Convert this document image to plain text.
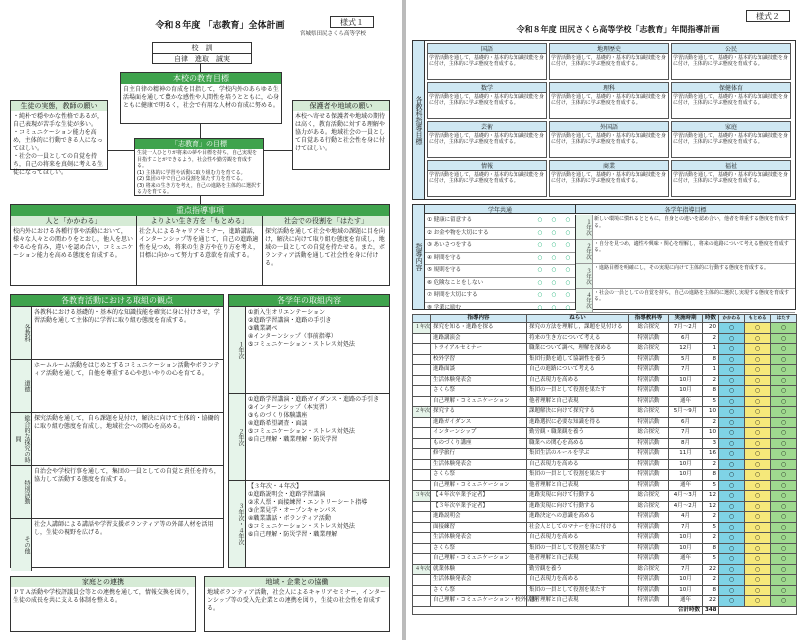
令和８年度 「志教育」全体計画	様式１
宮城県田尻さくら高等学校
校　訓
自律　進取　誠実
本校の教育目標
自主自律の精神の育成を目指して，学校内外のあらゆる生活場面を通して豊かな感性や人間性を培うとともに，心身ともに健康で明るく，社会で有用な人材の育成に努める。
生徒の実態，教師の願い
・純朴で穏やかな性格であるが，自己表現が苦手な生徒が多い。
・コミュニケーション能力を高め，主体的に行動できる人になってほしい。
・社会の一員としての自覚を持ち，自己の将来を真剣に考える生徒になってほしい。
保護者や地域の願い
本校へ寄せる保護者や地域の期待は高く，教育活動に対する理解や協力がある。地域社会の一員として自覚ある行動と社会性を身に付けてほしい。
「志教育」の目標
生徒一人ひとりが将来の夢や目標を持ち，自己実現を目指すことができるよう，社会性や勤労観を育成する。
(1) 主体的に学習や活動に取り組む力を育てる。
(2) 集団の中で自己の役割を果たす力を育てる。
(3) 将来の生き方を考え，自己の進路を主体的に選択する力を育てる。
重点指導事項
人と「かかわる」
校内外における各種行事や活動において，様々な人々との関わりをとおし，他人を思いやる心を育み，違いを認め合い，コミュニケーション能力を高める態度を育成する。
よりよい生き方を「もとめる」
社会人によるキャリアセミナー，進路講話，インターンシップ等を通じて，自己の進路適性を見つめ，将来の生き方や在り方を考え，目標に向かって努力する意欲を育成する。
社会での役割を「はたす」
探究活動を通して社会や地域の課題に目を向け，解決に向けて取り組む態度を育成し，地域の一員としての自覚を持たせる。また，ボランティア活動を通して社会性を身に付ける。
各教育活動における取組の観点
各教科
各教科における基礎的・基本的な知識技能を確実に身に付けさせ，学習活動を通して主体的に学習に取り組む態度を育成する。
道徳
ホームルーム活動をはじめとするコミュニケーション活動やボランティア活動を通して，自他を尊重する心や思いやりの心を育てる。
総合的な探究の時間
探究活動を通して，自ら課題を見付け，解決に向けて主体的・協働的に取り組む態度を育成し，地域社会への関心を高める。
特別活動
自治会や学校行事を通して，集団の一員としての自覚と責任を持ち，協力して活動する態度を育成する。
その他
社会人講師による講話や学習支援ボランティア等の外部人材を活用し，生徒の視野を広げる。
各学年の取組内容
１年次
①新入生オリエンテーション
②進路学習講演・進路の手引き
③職業調べ
④インターンシップ（事前指導）
⑤コミュニケーション・ストレス対処法
２年次
①進路学習講演・進路ガイダンス・進路の手引き
②インターンシップ（本実習）
③ものづくり体験講座
④進路希望調査・面談
⑤コミュニケーション・ストレス対処法
⑥自己理解・職業理解・防災学習
３年次・４年次
【３年次・４年次】
①進路説明会・進路学習講演
②求人票・面接練習・エントリーシート指導
③企業見学・オープンキャンパス
④職業講話・ボランティア活動
⑤コミュニケーション・ストレス対処法
⑥自己理解・防災学習・職業理解
家庭との連携
ＰＴＡ活動や学校評議員会等との連携を通して，情報交換を図り，生徒の成長を共に支える体制を整える。
地域・企業との協働
地域ボランティア活動，社会人によるキャリアセミナー，インターンシップ等の受入先企業との連携を図り，生徒の社会性を育成する。
様式２
令和８年度 田尻さくら高等学校「志教育」年間指導計画
各教科指導目標
国語
学習活動を通して，基礎的・基本的な知識技能を身に付け，主体的に学ぶ態度を育成する。
地理歴史
学習活動を通して，基礎的・基本的な知識技能を身に付け，主体的に学ぶ態度を育成する。
公民
学習活動を通して，基礎的・基本的な知識技能を身に付け，主体的に学ぶ態度を育成する。
数学
学習活動を通して，基礎的・基本的な知識技能を身に付け，主体的に学ぶ態度を育成する。
理科
学習活動を通して，基礎的・基本的な知識技能を身に付け，主体的に学ぶ態度を育成する。
保健体育
学習活動を通して，基礎的・基本的な知識技能を身に付け，主体的に学ぶ態度を育成する。
芸術
学習活動を通して，基礎的・基本的な知識技能を身に付け，主体的に学ぶ態度を育成する。
外国語
学習活動を通して，基礎的・基本的な知識技能を身に付け，主体的に学ぶ態度を育成する。
家庭
学習活動を通して，基礎的・基本的な知識技能を身に付け，主体的に学ぶ態度を育成する。
情報
学習活動を通して，基礎的・基本的な知識技能を身に付け，主体的に学ぶ態度を育成する。
商業
学習活動を通して，基礎的・基本的な知識技能を身に付け，主体的に学ぶ態度を育成する。
福祉
学習活動を通して，基礎的・基本的な知識技能を身に付け，主体的に学ぶ態度を育成する。
指導内容
学年共通	各学年指導目標
① 健康に留意する	○	○	○
② お金や物を大切にする	○	○	○
③ あいさつをする	○	○	○
④ 時間を守る	○	○	○
⑤ 規則を守る	○	○	○
⑥ 危険なことをしない	○	○	○
⑦ 時間を大切にする	○	○	○
⑧ 学業に励む	○	○	○
１年次 新しい環境に慣れるとともに，自身との違いを認め合い，他者を尊重する態度を育成する。
２年次 ・自分を見つめ，適性や興味・関心を理解し，将来の進路について考える態度を育成する。
３年次 ・進路目標を明確にし，その実現に向けて主体的に行動する態度を育成する。
４年次 ・社会の一員としての自覚を持ち，自己の進路を主体的に選択し実現する態度を育成する。
	指導内容	ねらい	指導教科等	実施時期	時数	かかわる	もとめる	はたす
１年次	探究を知る・進路を探る	探究の方法を理解し，課題を見付ける	総合探究	7月～2月	20	○	○	○
	進路講演会	将来の生き方について考える	特別活動	6月	2	○	○	○
	トライアルセミナー	職業について調べ，理解を深める	総合探究	12月	1	○	○	○
	校外学習	集団行動を通して協調性を養う	特別活動	5月	8	○	○	○
	進路面談	自己の進路について考える	特別活動	7月	1	○	○	○
	生活体験発表会	自己表現力を高める	特別活動	10月	2	○	○	○
	さくら祭	集団の一員として役割を果たす	特別活動	10月	8	○	○	○
	自己理解・コミュニケーション	他者理解と自己表現	特別活動	通年	5	○	○	○
２年次	探究する	課題解決に向けて探究する	総合探究	5月～9月	10	○	○	○
	進路ガイダンス	進路選択に必要な知識を得る	特別活動	6月	2	○	○	○
	インターンシップ	勤労観・職業観を養う	総合探究	7月	10	○	○	○
	ものづくり講座	職業への関心を高める	特別活動	8月	3	○	○	○
	修学旅行	集団生活のルールを学ぶ	特別活動	11月	16	○	○	○
	生活体験発表会	自己表現力を高める	特別活動	10月	2	○	○	○
	さくら祭	集団の一員として役割を果たす	特別活動	10月	8	○	○	○
	自己理解・コミュニケーション	他者理解と自己表現	特別活動	通年	5	○	○	○
３年次	【４年次卒業予定者】	進路実現に向けて行動する	総合探究	4月～3月	12	○	○	○
	【３年次卒業予定者】	進路実現に向けて行動する	総合探究	4月～2月	12	○	○	○
	進路説明会	進路決定への意識を高める	特別活動	4月	2	○	○	○
	面接練習	社会人としてのマナーを身に付ける	特別活動	7月	5	○	○	○
	生活体験発表会	自己表現力を高める	特別活動	10月	2	○	○	○
	さくら祭	集団の一員として役割を果たす	特別活動	10月	8	○	○	○
	自己理解・コミュニケーション	他者理解と自己表現	特別活動	通年	5	○	○	○
４年次	就業体験	勤労観を養う	総合探究	7月	22	○	○	○
	生活体験発表会	自己表現力を高める	特別活動	10月	2	○	○	○
	さくら祭	集団の一員として役割を果たす	特別活動	10月	8	○	○	○
	自己理解・コミュニケーション・校外活動	他者理解と自己表現	特別活動	通年	22	○	○	○
合計時数					348			
